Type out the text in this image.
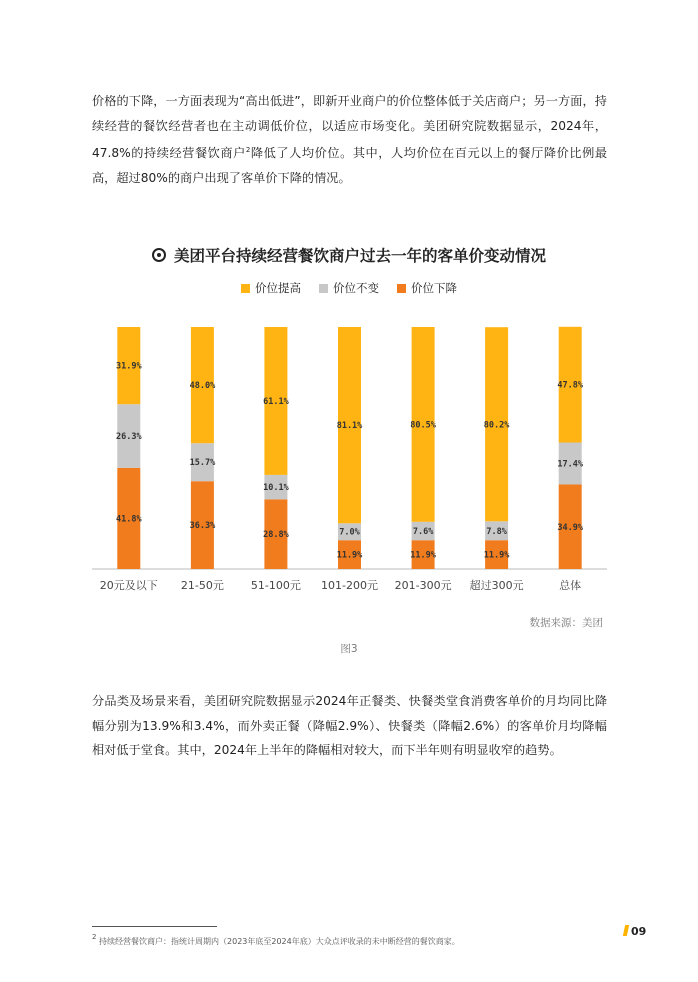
价格的下降，一方面表现为“高出低进”，即新开业商户的价位整体低于关店商户；另一方面，持续经营的餐饮经营者也在主动调低价位，以适应市场变化。美团研究院数据显示，2024年，47.8%的持续经营餐饮商户$^2$降低了人均价位。其中，人均价位在百元以上的餐厅降价比例最高，超过80%的商户出现了客单价下降的情况。

美团平台持续经营餐饮商户过去一年的客单价变动情况
价位提高	价位不变	价位下降
41.8%
26.3%
31.9%
20元及以下
36.3%
15.7%
48.0%
21-50元
28.8%
10.1%
61.1%
51-100元
11.9%
7.0%
81.1%
101-200元
11.9%
7.6%
80.5%
201-300元
11.9%
7.8%
80.2%
超过300元
34.9%
17.4%
47.8%
总体
数据来源：美团
图3

分品类及场景来看，美团研究院数据显示2024年正餐类、快餐类堂食消费客单价的月均同比降幅分别为13.9%和3.4%，而外卖正餐（降幅2.9%）、快餐类（降幅2.6%）的客单价月均降幅相对低于堂食。其中，2024年上半年的降幅相对较大，而下半年则有明显收窄的趋势。

$^2$ 持续经营餐饮商户：指统计周期内（2023年底至2024年底）大众点评收录的未中断经营的餐饮商家。
09
